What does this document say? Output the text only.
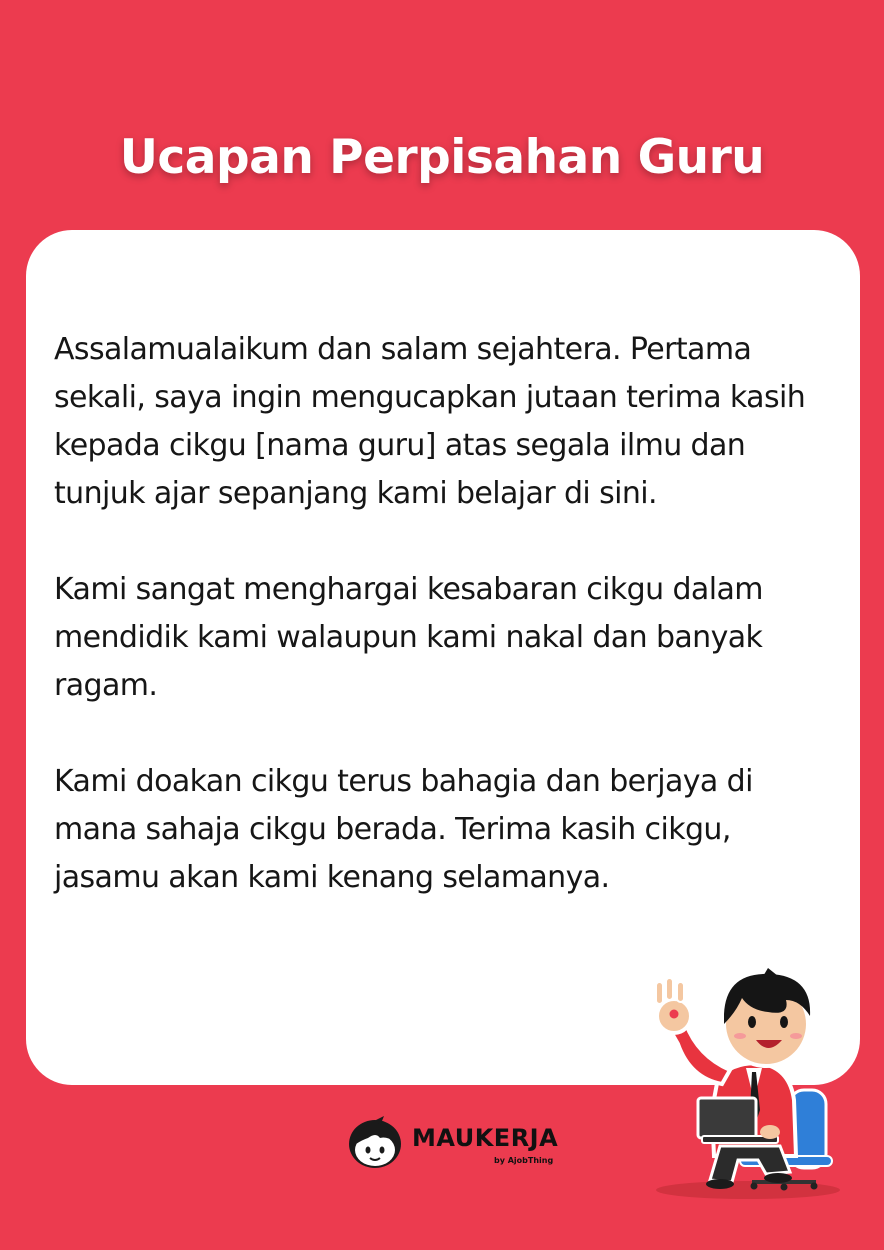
Ucapan Perpisahan Guru

Assalamualaikum dan salam sejahtera. Pertama sekali, saya ingin mengucapkan jutaan terima kasih kepada cikgu [nama guru] atas segala ilmu dan tunjuk ajar sepanjang kami belajar di sini.

Kami sangat menghargai kesabaran cikgu dalam mendidik kami walaupun kami nakal dan banyak ragam.

Kami doakan cikgu terus bahagia dan berjaya di mana sahaja cikgu berada. Terima kasih cikgu, jasamu akan kami kenang selamanya.

MAUKERJA
by AjobThing
